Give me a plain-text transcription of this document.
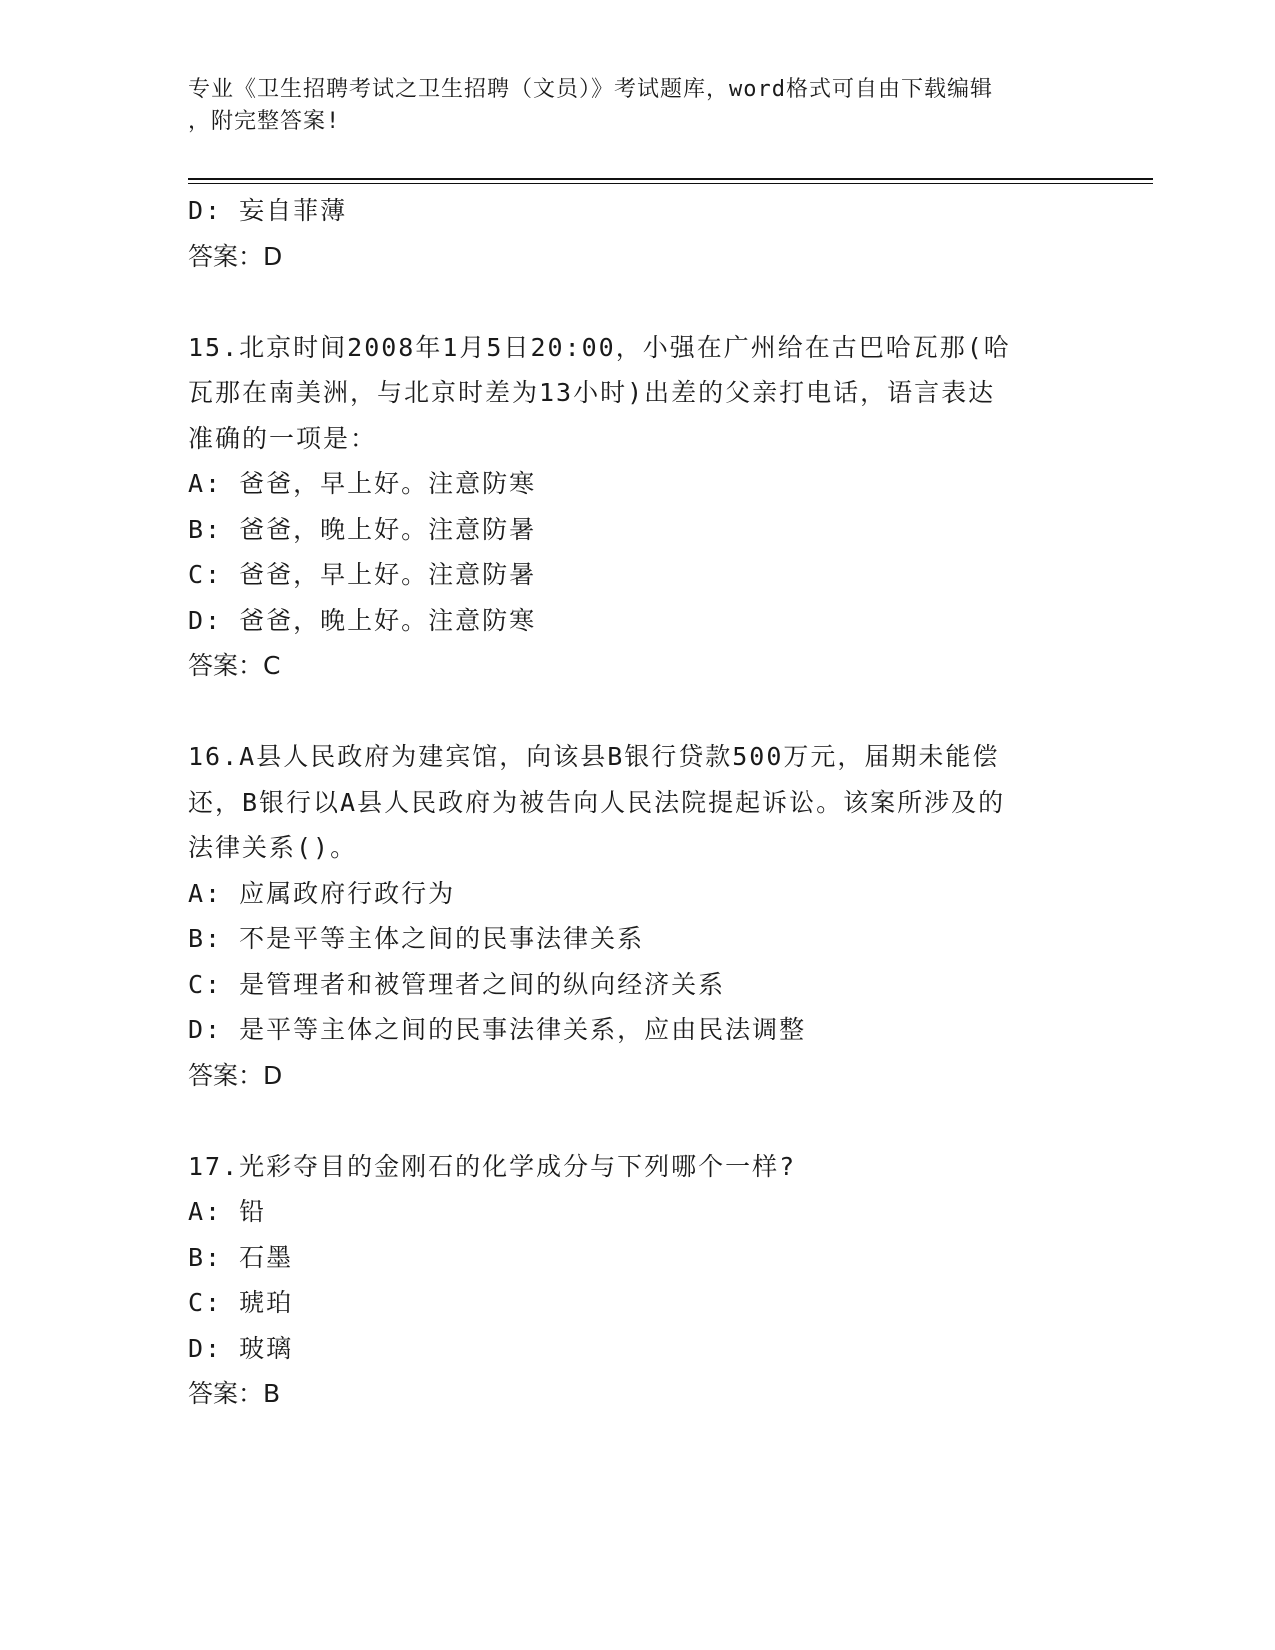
专业《卫生招聘考试之卫生招聘（文员）》考试题库，word格式可自由下载编辑
，附完整答案!
D: 妄自菲薄
答案：D
15.北京时间2008年1月5日20:00，小强在广州给在古巴哈瓦那(哈
瓦那在南美洲，与北京时差为13小时)出差的父亲打电话，语言表达
准确的一项是：
A: 爸爸，早上好。注意防寒
B: 爸爸，晚上好。注意防暑
C: 爸爸，早上好。注意防暑
D: 爸爸，晚上好。注意防寒
答案：C
16.A县人民政府为建宾馆，向该县B银行贷款500万元，届期未能偿
还，B银行以A县人民政府为被告向人民法院提起诉讼。该案所涉及的
法律关系()。
A: 应属政府行政行为
B: 不是平等主体之间的民事法律关系
C: 是管理者和被管理者之间的纵向经济关系
D: 是平等主体之间的民事法律关系，应由民法调整
答案：D
17.光彩夺目的金刚石的化学成分与下列哪个一样?
A: 铅
B: 石墨
C: 琥珀
D: 玻璃
答案：B
